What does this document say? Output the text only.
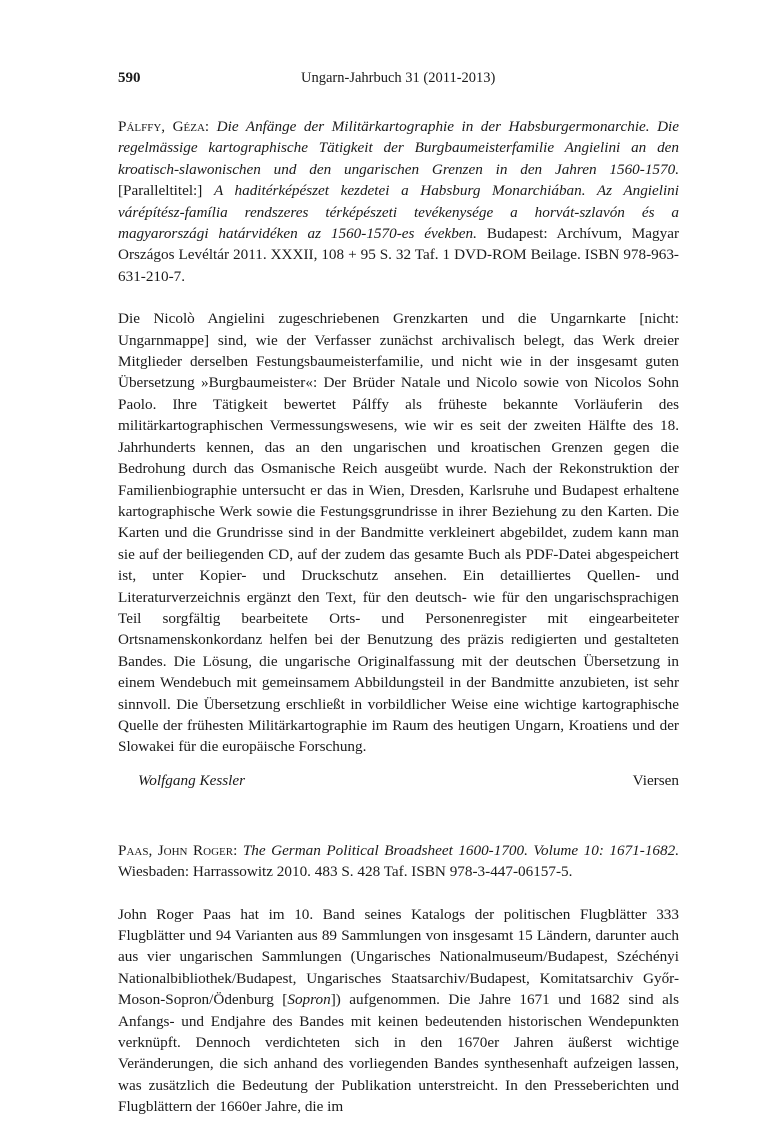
590	Ungarn-Jahrbuch 31 (2011-2013)

Pálffy, Géza: Die Anfänge der Militärkartographie in der Habsburgermonarchie. Die regelmässige kartographische Tätigkeit der Burgbaumeisterfamilie Angielini an den kroatisch-slawonischen und den ungarischen Grenzen in den Jahren 1560-1570. [Paralleltitel:] A haditérképészet kezdetei a Habsburg Monarchiában. Az Angielini várépítész-família rendszeres térképészeti tevékenysége a horvát-szlavón és a magyarországi határvidéken az 1560-1570-es években. Budapest: Archívum, Magyar Országos Levéltár 2011. XXXII, 108 + 95 S. 32 Taf. 1 DVD-ROM Beilage. ISBN 978-963-631-210-7.

Die Nicolò Angielini zugeschriebenen Grenzkarten und die Ungarnkarte [nicht: Ungarnmappe] sind, wie der Verfasser zunächst archivalisch belegt, das Werk dreier Mitglieder derselben Festungsbaumeisterfamilie, und nicht wie in der insgesamt guten Übersetzung »Burgbaumeister«: Der Brüder Natale und Nicolo sowie von Nicolos Sohn Paolo. Ihre Tätigkeit bewertet Pálffy als früheste bekannte Vorläuferin des militärkartographischen Vermessungswesens, wie wir es seit der zweiten Hälfte des 18. Jahrhunderts kennen, das an den ungarischen und kroatischen Grenzen gegen die Bedrohung durch das Osmanische Reich ausgeübt wurde. Nach der Rekonstruktion der Familienbiographie untersucht er das in Wien, Dresden, Karlsruhe und Budapest erhaltene kartographische Werk sowie die Festungsgrundrisse in ihrer Beziehung zu den Karten. Die Karten und die Grundrisse sind in der Bandmitte verkleinert abgebildet, zudem kann man sie auf der beiliegenden CD, auf der zudem das gesamte Buch als PDF-Datei abgespeichert ist, unter Kopier- und Druckschutz ansehen. Ein detailliertes Quellen- und Literaturverzeichnis ergänzt den Text, für den deutsch- wie für den ungarischsprachigen Teil sorgfältig bearbeitete Orts- und Personenregister mit eingearbeiteter Ortsnamenskonkordanz helfen bei der Benutzung des präzis redigierten und gestalteten Bandes. Die Lösung, die ungarische Originalfassung mit der deutschen Übersetzung in einem Wendebuch mit gemeinsamem Abbildungsteil in der Bandmitte anzubieten, ist sehr sinnvoll. Die Übersetzung erschließt in vorbildlicher Weise eine wichtige kartographische Quelle der frühesten Militärkartographie im Raum des heutigen Ungarn, Kroatiens und der Slowakei für die europäische Forschung.

Wolfgang Kessler	Viersen

Paas, John Roger: The German Political Broadsheet 1600-1700. Volume 10: 1671-1682. Wiesbaden: Harrassowitz 2010. 483 S. 428 Taf. ISBN 978-3-447-06157-5.

John Roger Paas hat im 10. Band seines Katalogs der politischen Flugblätter 333 Flugblätter und 94 Varianten aus 89 Sammlungen von insgesamt 15 Ländern, darunter auch aus vier ungarischen Sammlungen (Ungarisches Nationalmuseum/Budapest, Széchényi Nationalbibliothek/Budapest, Ungarisches Staatsarchiv/Budapest, Komitatsarchiv Győr-Moson-Sopron/Ödenburg [Sopron]) aufgenommen. Die Jahre 1671 und 1682 sind als Anfangs- und Endjahre des Bandes mit keinen bedeutenden historischen Wendepunkten verknüpft. Dennoch verdichteten sich in den 1670er Jahren äußerst wichtige Veränderungen, die sich anhand des vorliegenden Bandes synthesenhaft aufzeigen lassen, was zusätzlich die Bedeutung der Publikation unterstreicht. In den Presseberichten und Flugblättern der 1660er Jahre, die im
